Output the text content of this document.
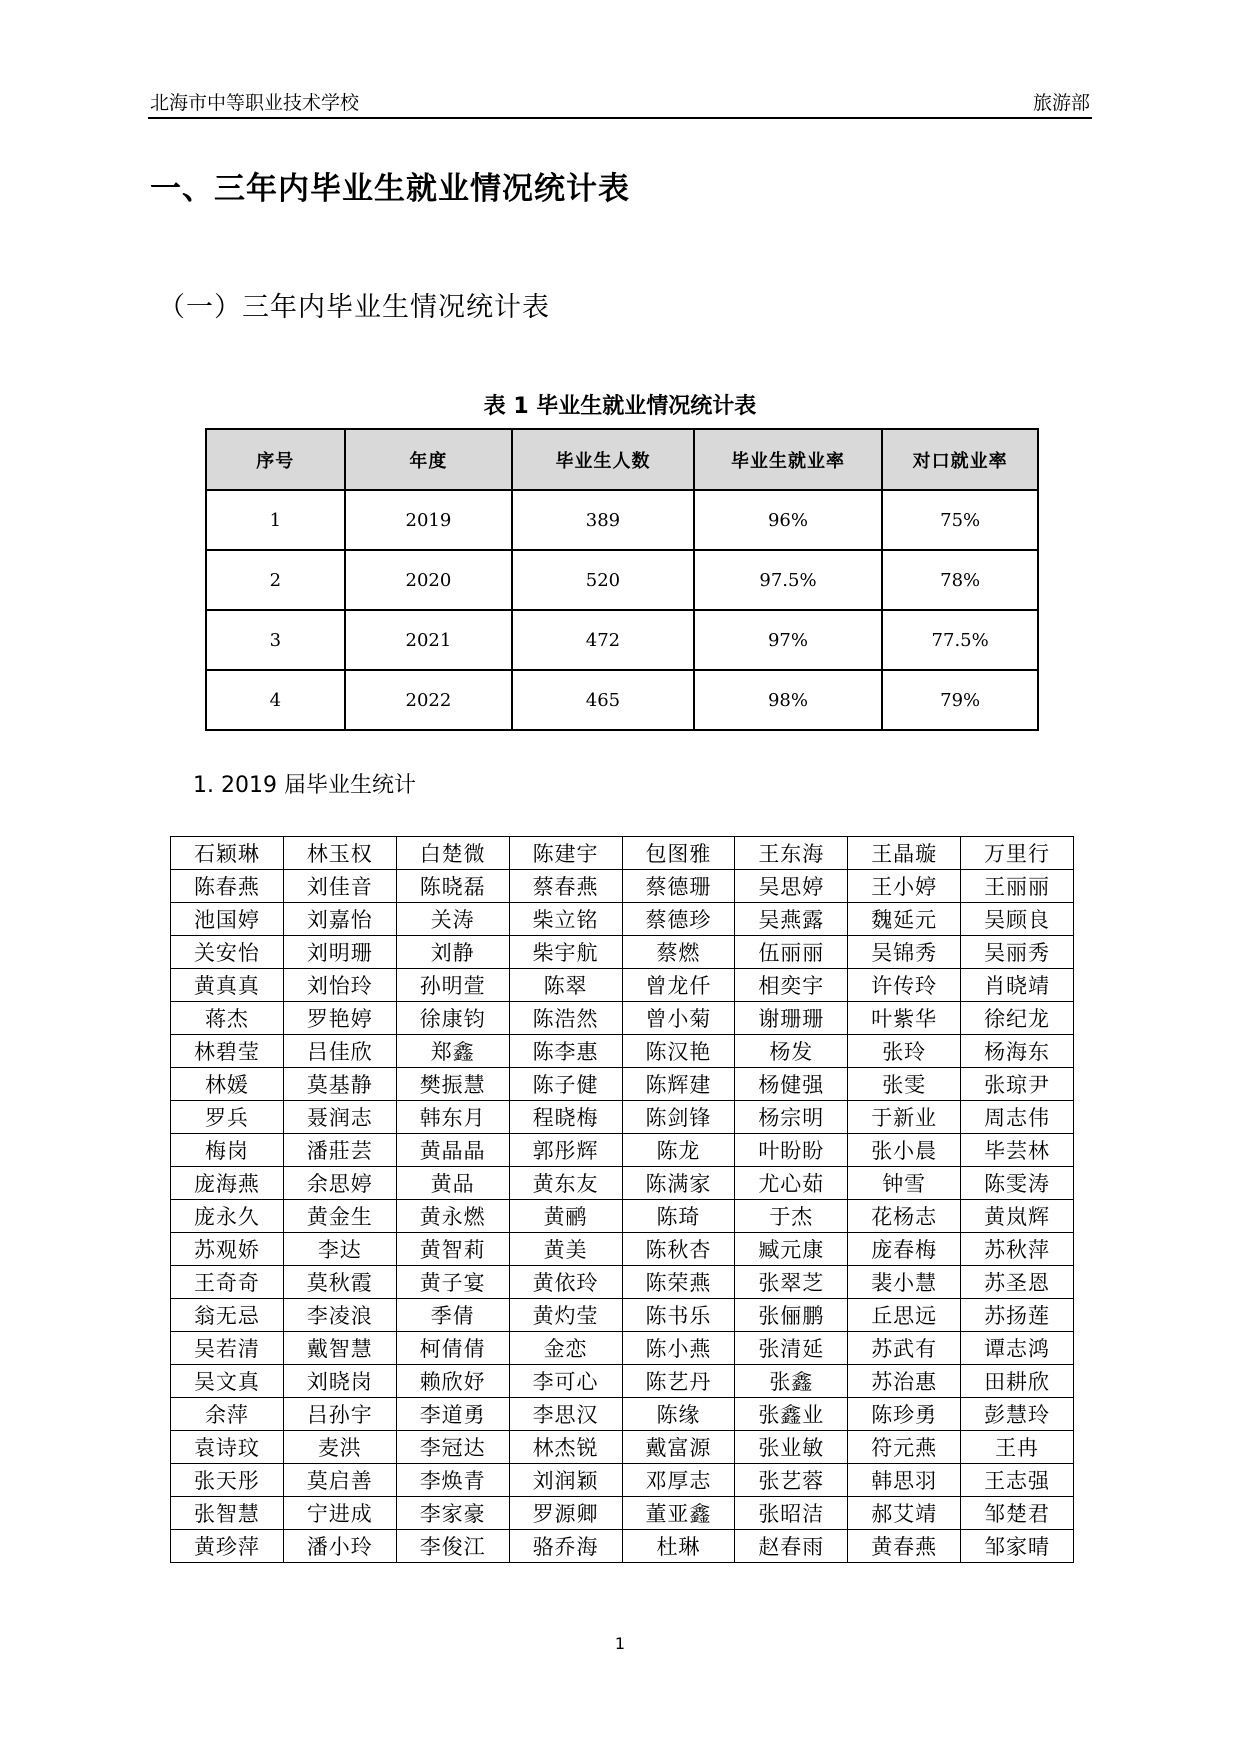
北海市中等职业技术学校	旅游部
一、三年内毕业生就业情况统计表
（一）三年内毕业生情况统计表
表 1 毕业生就业情况统计表
序号	年度	毕业生人数	毕业生就业率	对口就业率
1	2019	389	96%	75%
2	2020	520	97.5%	78%
3	2021	472	97%	77.5%
4	2022	465	98%	79%
1. 2019 届毕业生统计
石颖琳	林玉权	白楚微	陈建宇	包图雅	王东海	王晶璇	万里行
陈春燕	刘佳音	陈晓磊	蔡春燕	蔡德珊	吴思婷	王小婷	王丽丽
池国婷	刘嘉怡	关涛	柴立铭	蔡德珍	吴燕露	魏延元	吴顾良
关安怡	刘明珊	刘静	柴宇航	蔡燃	伍丽丽	吴锦秀	吴丽秀
黄真真	刘怡玲	孙明萱	陈翠	曾龙仟	相奕宇	许传玲	肖晓靖
蒋杰	罗艳婷	徐康钧	陈浩然	曾小菊	谢珊珊	叶紫华	徐纪龙
林碧莹	吕佳欣	郑鑫	陈李惠	陈汉艳	杨发	张玲	杨海东
林媛	莫基静	樊振慧	陈子健	陈辉建	杨健强	张雯	张琼尹
罗兵	聂润志	韩东月	程晓梅	陈剑锋	杨宗明	于新业	周志伟
梅岗	潘莊芸	黄晶晶	郭彤辉	陈龙	叶盼盼	张小晨	毕芸林
庞海燕	余思婷	黄品	黄东友	陈满家	尤心茹	钟雪	陈雯涛
庞永久	黄金生	黄永燃	黄鹂	陈琦	于杰	花杨志	黄岚辉
苏观娇	李达	黄智莉	黄美	陈秋杏	臧元康	庞春梅	苏秋萍
王奇奇	莫秋霞	黄子宴	黄依玲	陈荣燕	张翠芝	裴小慧	苏圣恩
翁无忌	李凌浪	季倩	黄灼莹	陈书乐	张俪鹏	丘思远	苏扬莲
吴若清	戴智慧	柯倩倩	金恋	陈小燕	张清延	苏武有	谭志鸿
吴文真	刘晓岗	赖欣妤	李可心	陈艺丹	张鑫	苏治惠	田耕欣
余萍	吕孙宇	李道勇	李思汉	陈缘	张鑫业	陈珍勇	彭慧玲
袁诗玟	麦洪	李冠达	林杰锐	戴富源	张业敏	符元燕	王冉
张天彤	莫启善	李焕青	刘润颖	邓厚志	张艺蓉	韩思羽	王志强
张智慧	宁进成	李家豪	罗源卿	董亚鑫	张昭洁	郝艾靖	邹楚君
黄珍萍	潘小玲	李俊江	骆乔海	杜琳	赵春雨	黄春燕	邹家晴
1
